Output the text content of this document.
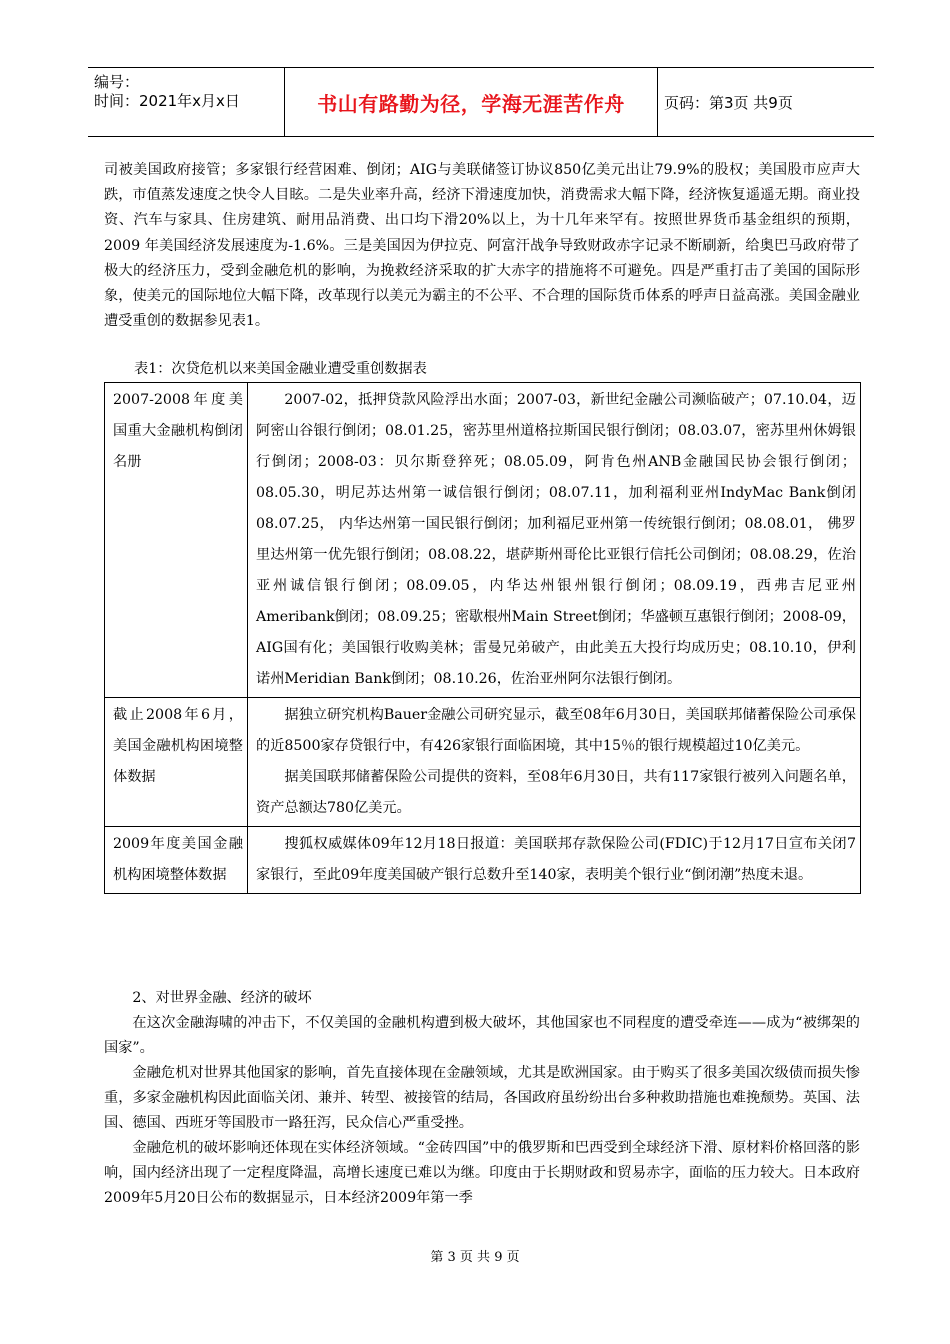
编号：
时间：2021年x月x日	书山有路勤为径，学海无涯苦作舟	页码：第3页 共9页
司被美国政府接管；多家银行经营困难、倒闭；AIG与美联储签订协议850亿美元出让79.9%的股权；美国股市应声大跌，市值蒸发速度之快令人目眩。二是失业率升高，经济下滑速度加快，消费需求大幅下降，经济恢复遥遥无期。商业投资、汽车与家具、住房建筑、耐用品消费、出口均下滑20%以上，为十几年来罕有。按照世界货币基金组织的预期，2009 年美国经济发展速度为-1.6%。三是美国因为伊拉克、阿富汗战争导致财政赤字记录不断刷新，给奥巴马政府带了极大的经济压力，受到金融危机的影响，为挽救经济采取的扩大赤字的措施将不可避免。四是严重打击了美国的国际形象，使美元的国际地位大幅下降，改革现行以美元为霸主的不公平、不合理的国际货币体系的呼声日益高涨。美国金融业遭受重创的数据参见表1。
表1：次贷危机以来美国金融业遭受重创数据表
2007-2008年度美国重大金融机构倒闭名册	2007-02，抵押贷款风险浮出水面；2007-03，新世纪金融公司濒临破产；07.10.04，迈阿密山谷银行倒闭；08.01.25，密苏里州道格拉斯国民银行倒闭；08.03.07，密苏里州休姆银行倒闭；2008-03：贝尔斯登猝死；08.05.09，阿肯色州ANB金融国民协会银行倒闭；08.05.30，明尼苏达州第一诚信银行倒闭；08.07.11，加利福利亚州IndyMac Bank倒闭08.07.25， 内华达州第一国民银行倒闭；加利福尼亚州第一传统银行倒闭；08.08.01， 佛罗里达州第一优先银行倒闭；08.08.22，堪萨斯州哥伦比亚银行信托公司倒闭；08.08.29，佐治亚州诚信银行倒闭；08.09.05，内华达州银州银行倒闭；08.09.19，西弗吉尼亚州Ameribank倒闭；08.09.25；密歇根州Main Street倒闭；华盛顿互惠银行倒闭；2008-09，AIG国有化；美国银行收购美林；雷曼兄弟破产，由此美五大投行均成历史；08.10.10，伊利诺州Meridian Bank倒闭；08.10.26，佐治亚州阿尔法银行倒闭。

截止2008年6月，美国金融机构困境整体数据	据独立研究机构Bauer金融公司研究显示，截至08年6月30日，美国联邦储蓄保险公司承保的近8500家存贷银行中，有426家银行面临困境，其中15％的银行规模超过10亿美元。

据美国联邦储蓄保险公司提供的资料，至08年6月30日，共有117家银行被列入问题名单，资产总额达780亿美元。

2009年度美国金融机构困境整体数据	搜狐权威媒体09年12月18日报道：美国联邦存款保险公司(FDIC)于12月17日宣布关闭7家银行，至此09年度美国破产银行总数升至140家，表明美个银行业“倒闭潮”热度未退。

2、对世界金融、经济的破坏
在这次金融海啸的冲击下，不仅美国的金融机构遭到极大破坏，其他国家也不同程度的遭受牵连——成为“被绑架的国家”。
金融危机对世界其他国家的影响，首先直接体现在金融领域，尤其是欧洲国家。由于购买了很多美国次级债而损失惨重，多家金融机构因此面临关闭、兼并、转型、被接管的结局，各国政府虽纷纷出台多种救助措施也难挽颓势。英国、法国、德国、西班牙等国股市一路狂泻，民众信心严重受挫。
金融危机的破坏影响还体现在实体经济领域。“金砖四国”中的俄罗斯和巴西受到全球经济下滑、原材料价格回落的影响，国内经济出现了一定程度降温，高增长速度已难以为继。印度由于长期财政和贸易赤字，面临的压力较大。日本政府2009年5月20日公布的数据显示，日本经济2009年第一季
第 3 页 共 9 页
